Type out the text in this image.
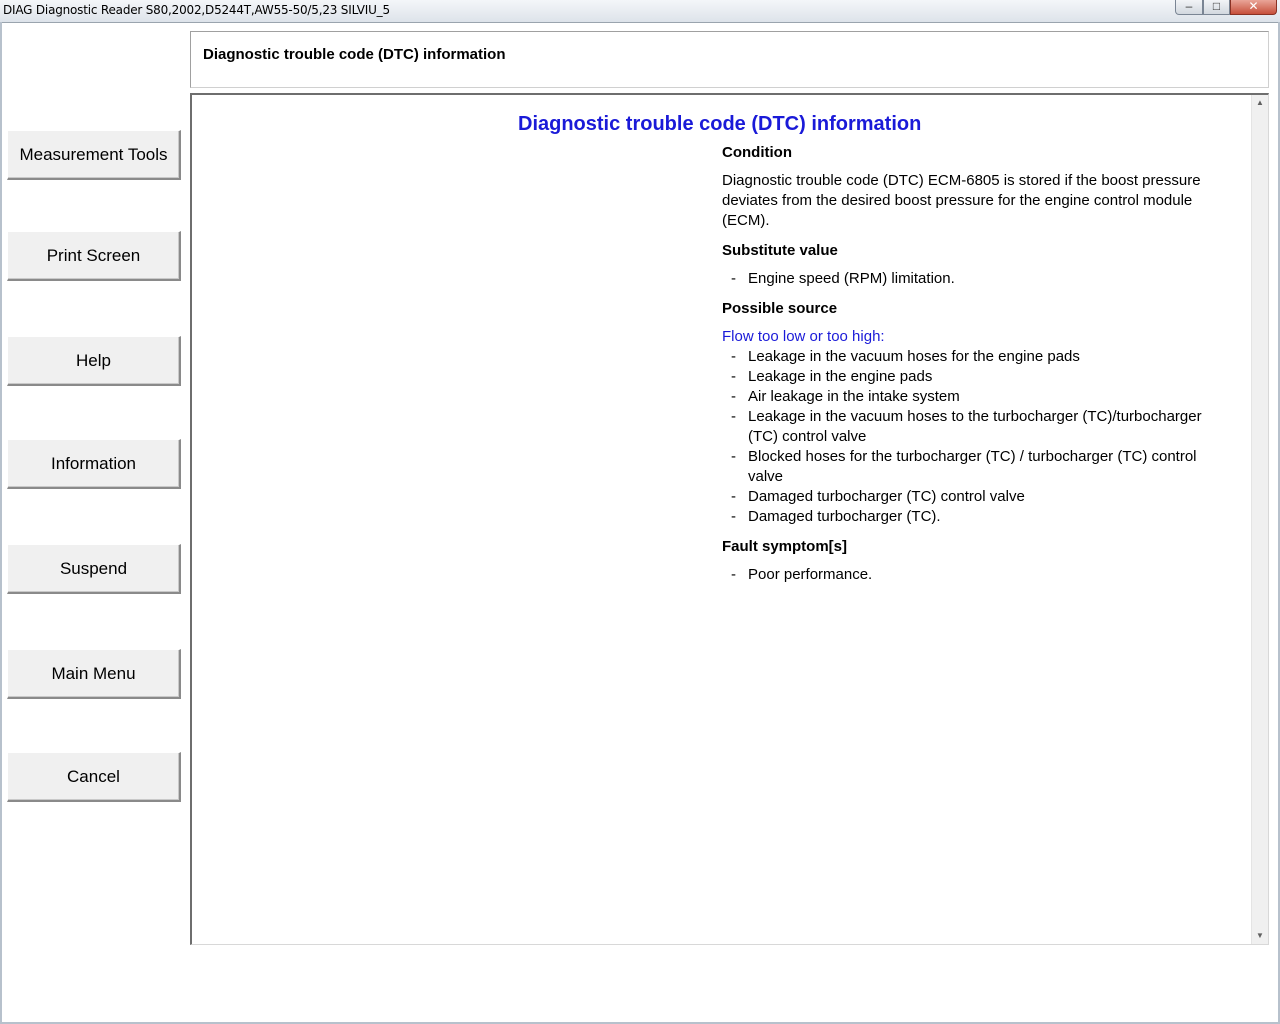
DIAG Diagnostic Reader S80,2002,D5244T,AW55-50/5,23 SILVIU_5	–	□	✕
Measurement Tools
Print Screen
Help
Information
Suspend
Main Menu
Cancel
Diagnostic trouble code (DTC) information
Diagnostic trouble code (DTC) information
Condition

Diagnostic trouble code (DTC) ECM-6805 is stored if the boost pressure deviates from the desired boost pressure for the engine control module (ECM).

Substitute value
- Engine speed (RPM) limitation.
Possible source

Flow too low or too high:

- Leakage in the vacuum hoses for the engine pads
- Leakage in the engine pads
- Air leakage in the intake system
- Leakage in the vacuum hoses to the turbocharger (TC)/turbocharger (TC) control valve
- Blocked hoses for the turbocharger (TC) / turbocharger (TC) control valve
- Damaged turbocharger (TC) control valve
- Damaged turbocharger (TC).
Fault symptom[s]
- Poor performance.
▲
▼
